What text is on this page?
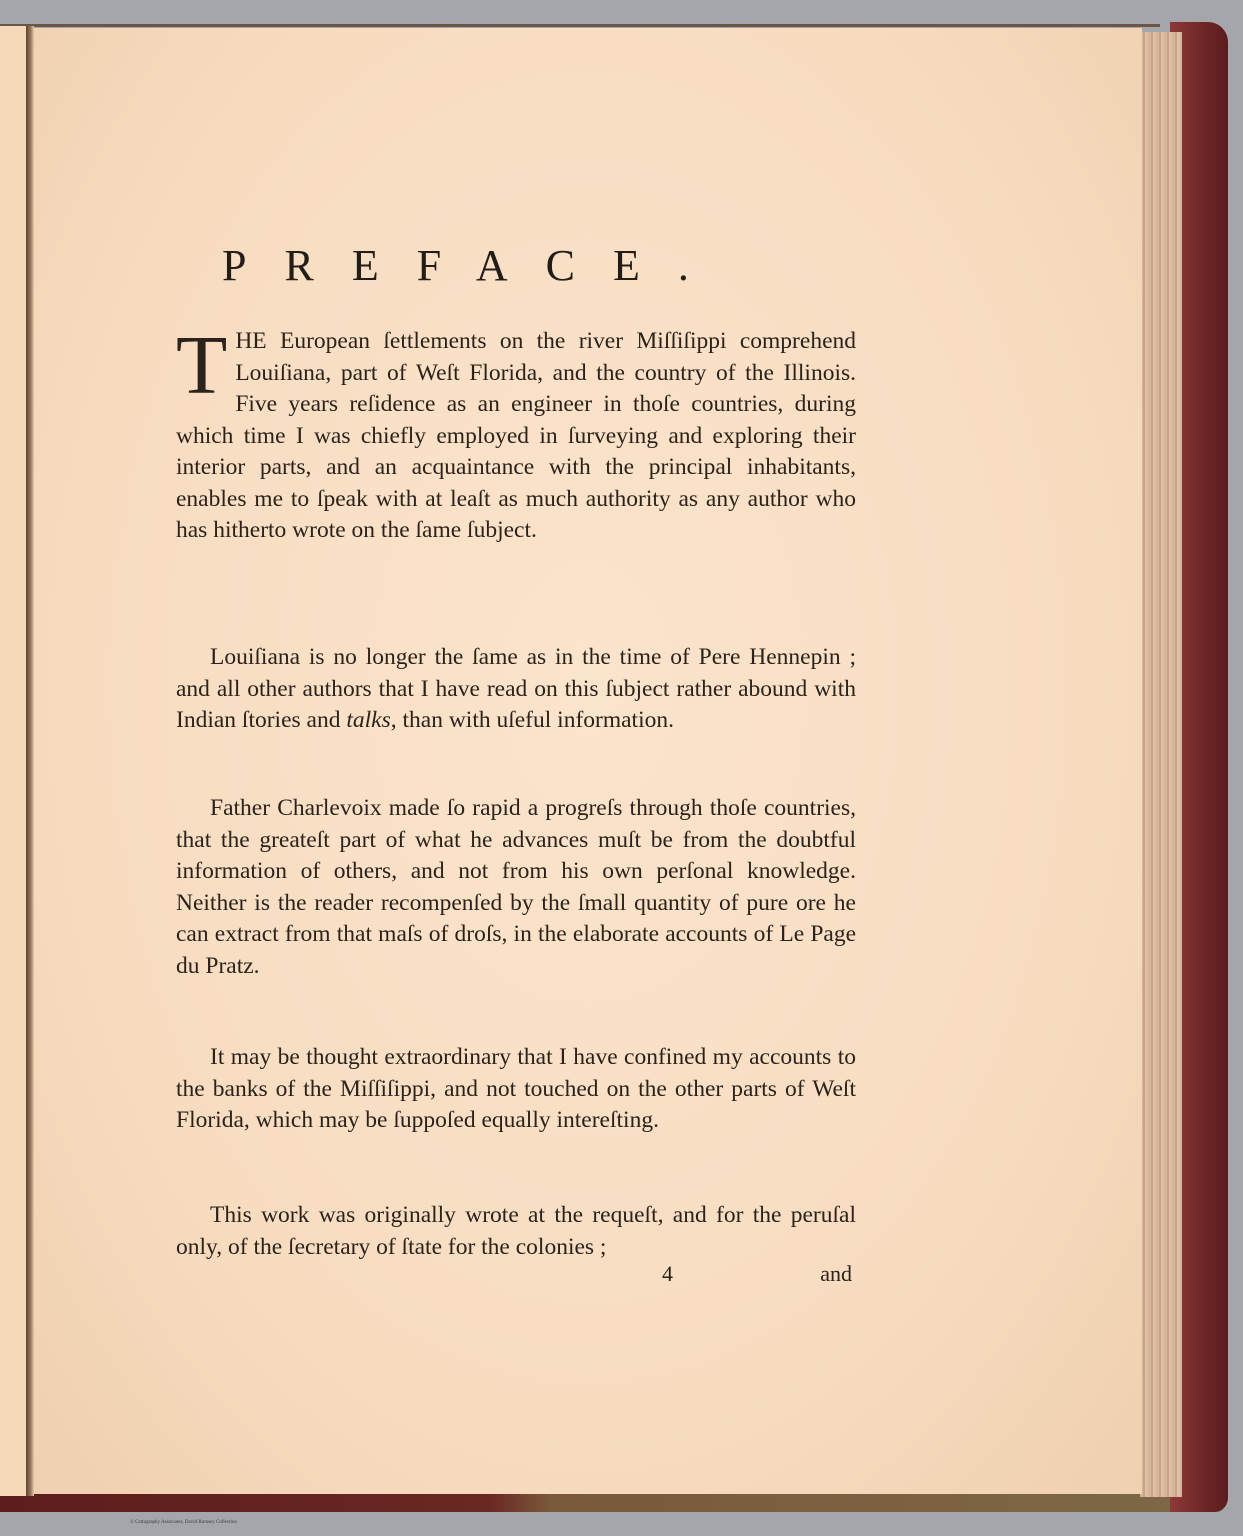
PREFACE.
T HE European ſettlements on the river Miſſiſippi comprehend Louiſiana, part of Weſt Florida, and the country of the Illinois. Five years reſidence as an engineer in thoſe countries, during which time I was chiefly employed in ſurveying and exploring their interior parts, and an acquaintance with the principal inhabitants, enables me to ſpeak with at leaſt as much authority as any author who has hitherto wrote on the ſame ſubject.

Louiſiana is no longer the ſame as in the time of Pere Hennepin ; and all other authors that I have read on this ſubject rather abound with Indian ſtories and talks, than with uſeful information.

Father Charlevoix made ſo rapid a progreſs through thoſe countries, that the greateſt part of what he advances muſt be from the doubtful information of others, and not from his own perſonal knowledge. Neither is the reader recompenſed by the ſmall quantity of pure ore he can extract from that maſs of droſs, in the elaborate accounts of Le Page du Pratz.

It may be thought extraordinary that I have confined my accounts to the banks of the Miſſiſippi, and not touched on the other parts of Weſt Florida, which may be ſuppoſed equally intereſting.

This work was originally wrote at the requeſt, and for the peruſal only, of the ſecretary of ſtate for the colonies ;

4	and
© Cartography Associates, David Rumsey Collection
